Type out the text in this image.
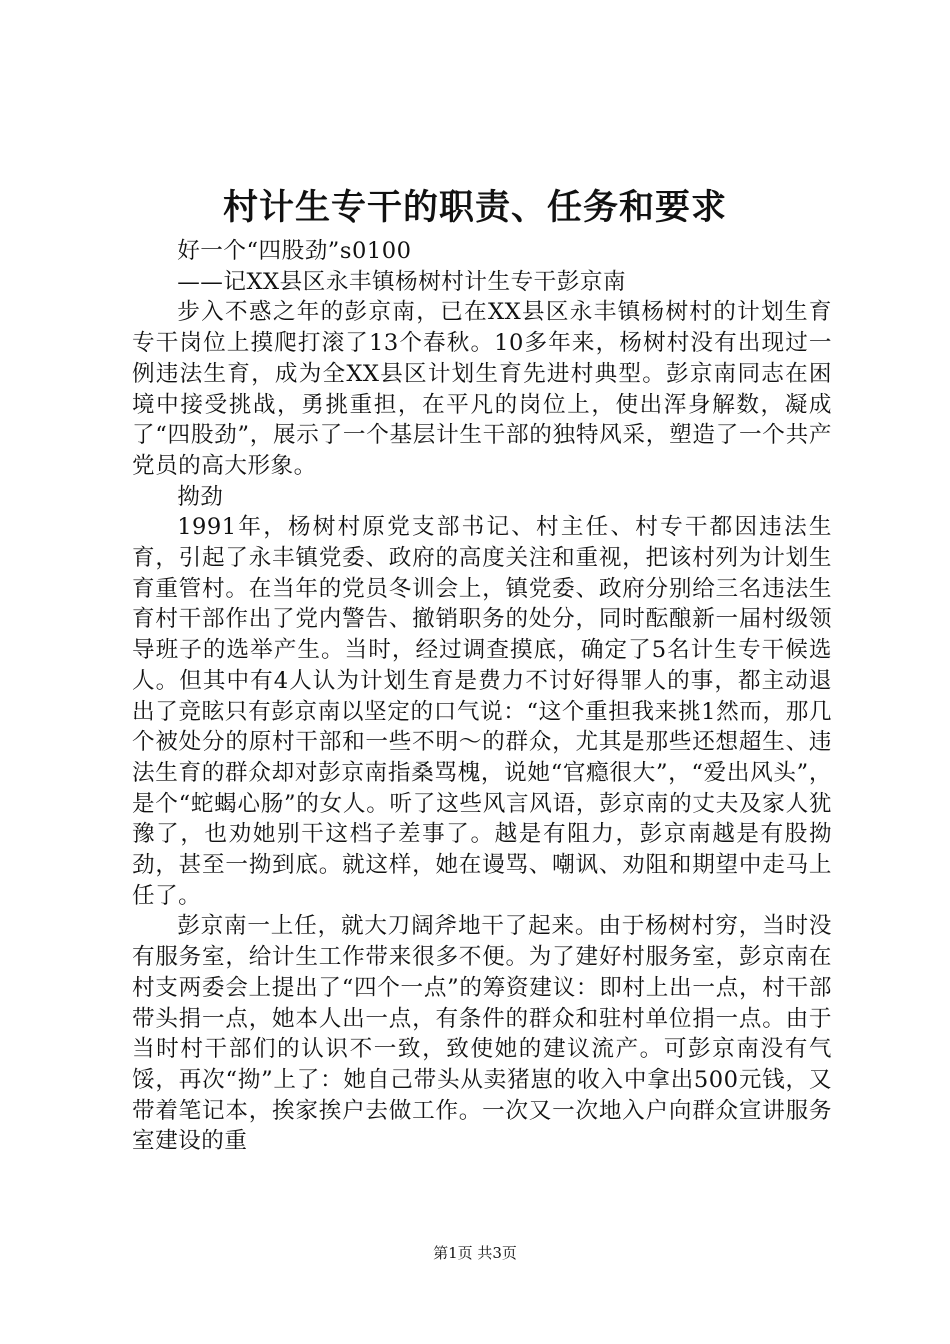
村计生专干的职责、任务和要求

好一个“四股劲”s0100

——记XX县区永丰镇杨树村计生专干彭京南

步入不惑之年的彭京南，已在XX县区永丰镇杨树村的计划生育专干岗位上摸爬打滚了13个春秋。10多年来，杨树村没有出现过一例违法生育，成为全XX县区计划生育先进村典型。彭京南同志在困境中接受挑战，勇挑重担，在平凡的岗位上，使出浑身解数，凝成了“四股劲”，展示了一个基层计生干部的独特风采，塑造了一个共产党员的高大形象。

拗劲

1991年，杨树村原党支部书记、村主任、村专干都因违法生育，引起了永丰镇党委、政府的高度关注和重视，把该村列为计划生育重管村。在当年的党员冬训会上，镇党委、政府分别给三名违法生育村干部作出了党内警告、撤销职务的处分，同时酝酿新一届村级领导班子的选举产生。当时，经过调查摸底，确定了5名计生专干候选人。但其中有4人认为计划生育是费力不讨好得罪人的事，都主动退出了竞眩只有彭京南以坚定的口气说：“这个重担我来挑1然而，那几个被处分的原村干部和一些不明～的群众，尤其是那些还想超生、违法生育的群众却对彭京南指桑骂槐，说她“官瘾很大”，“爱出风头”，是个“蛇蝎心肠”的女人。听了这些风言风语，彭京南的丈夫及家人犹豫了，也劝她别干这档子差事了。越是有阻力，彭京南越是有股拗劲，甚至一拗到底。就这样，她在谩骂、嘲讽、劝阻和期望中走马上任了。

彭京南一上任，就大刀阔斧地干了起来。由于杨树村穷，当时没有服务室，给计生工作带来很多不便。为了建好村服务室，彭京南在村支两委会上提出了“四个一点”的筹资建议：即村上出一点，村干部带头捐一点，她本人出一点，有条件的群众和驻村单位捐一点。由于当时村干部们的认识不一致，致使她的建议流产。可彭京南没有气馁，再次“拗”上了：她自己带头从卖猪崽的收入中拿出500元钱，又带着笔记本，挨家挨户去做工作。一次又一次地入户向群众宣讲服务室建设的重

第1页 共3页
